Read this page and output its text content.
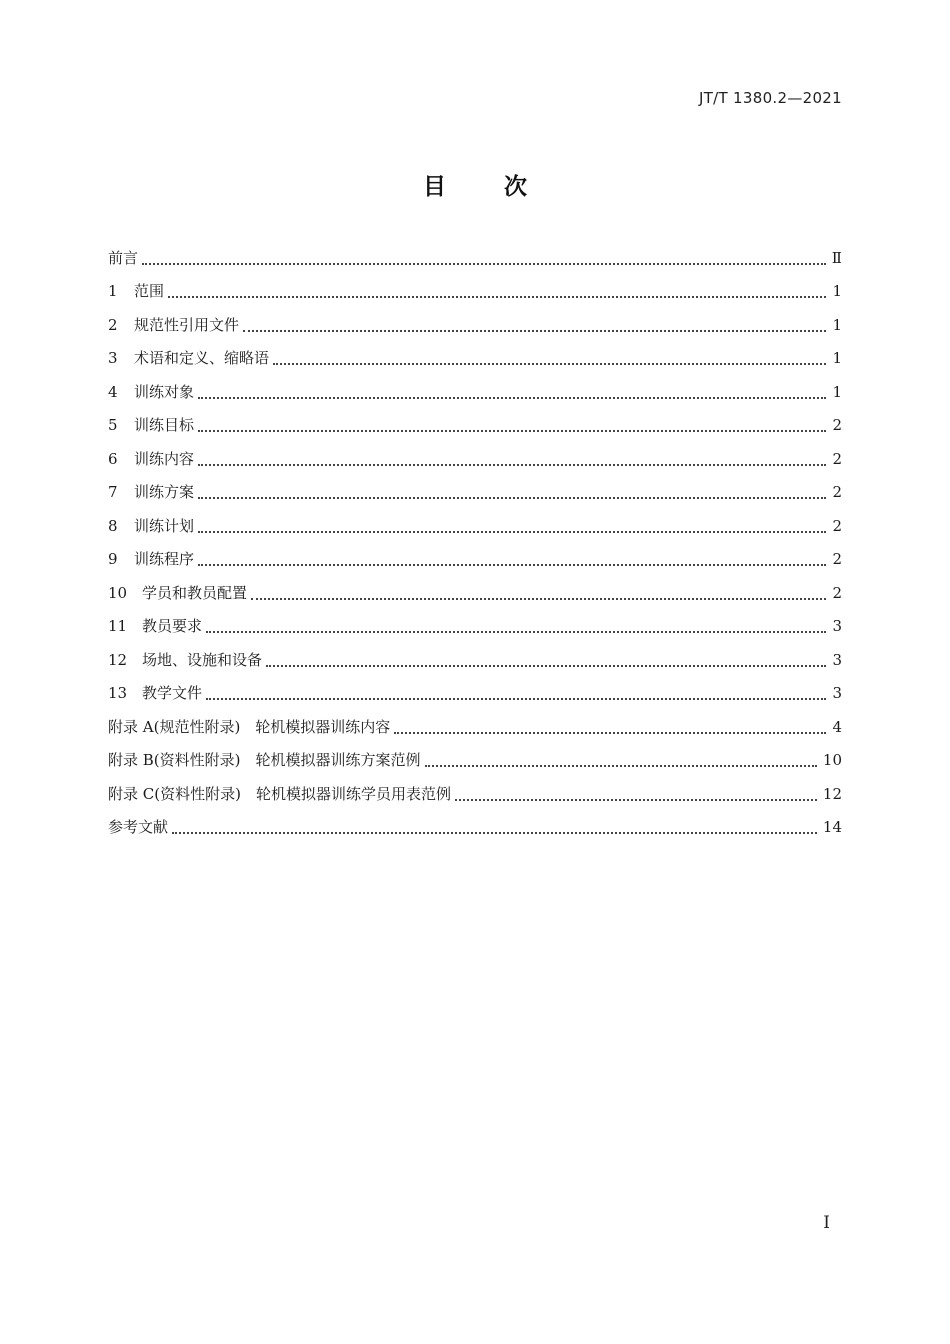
JT/T 1380.2—2021
目 次
前言	Ⅱ
1	范围	1
2	规范性引用文件	1
3	术语和定义、缩略语	1
4	训练对象	1
5	训练目标	2
6	训练内容	2
7	训练方案	2
8	训练计划	2
9	训练程序	2
10 学员和教员配置	2
11 教员要求	3
12 场地、设施和设备	3
13 教学文件	3
附录 A(规范性附录)　轮机模拟器训练内容	4
附录 B(资料性附录)　轮机模拟器训练方案范例	10
附录 C(资料性附录)　轮机模拟器训练学员用表范例	12
参考文献	14
Ⅰ
